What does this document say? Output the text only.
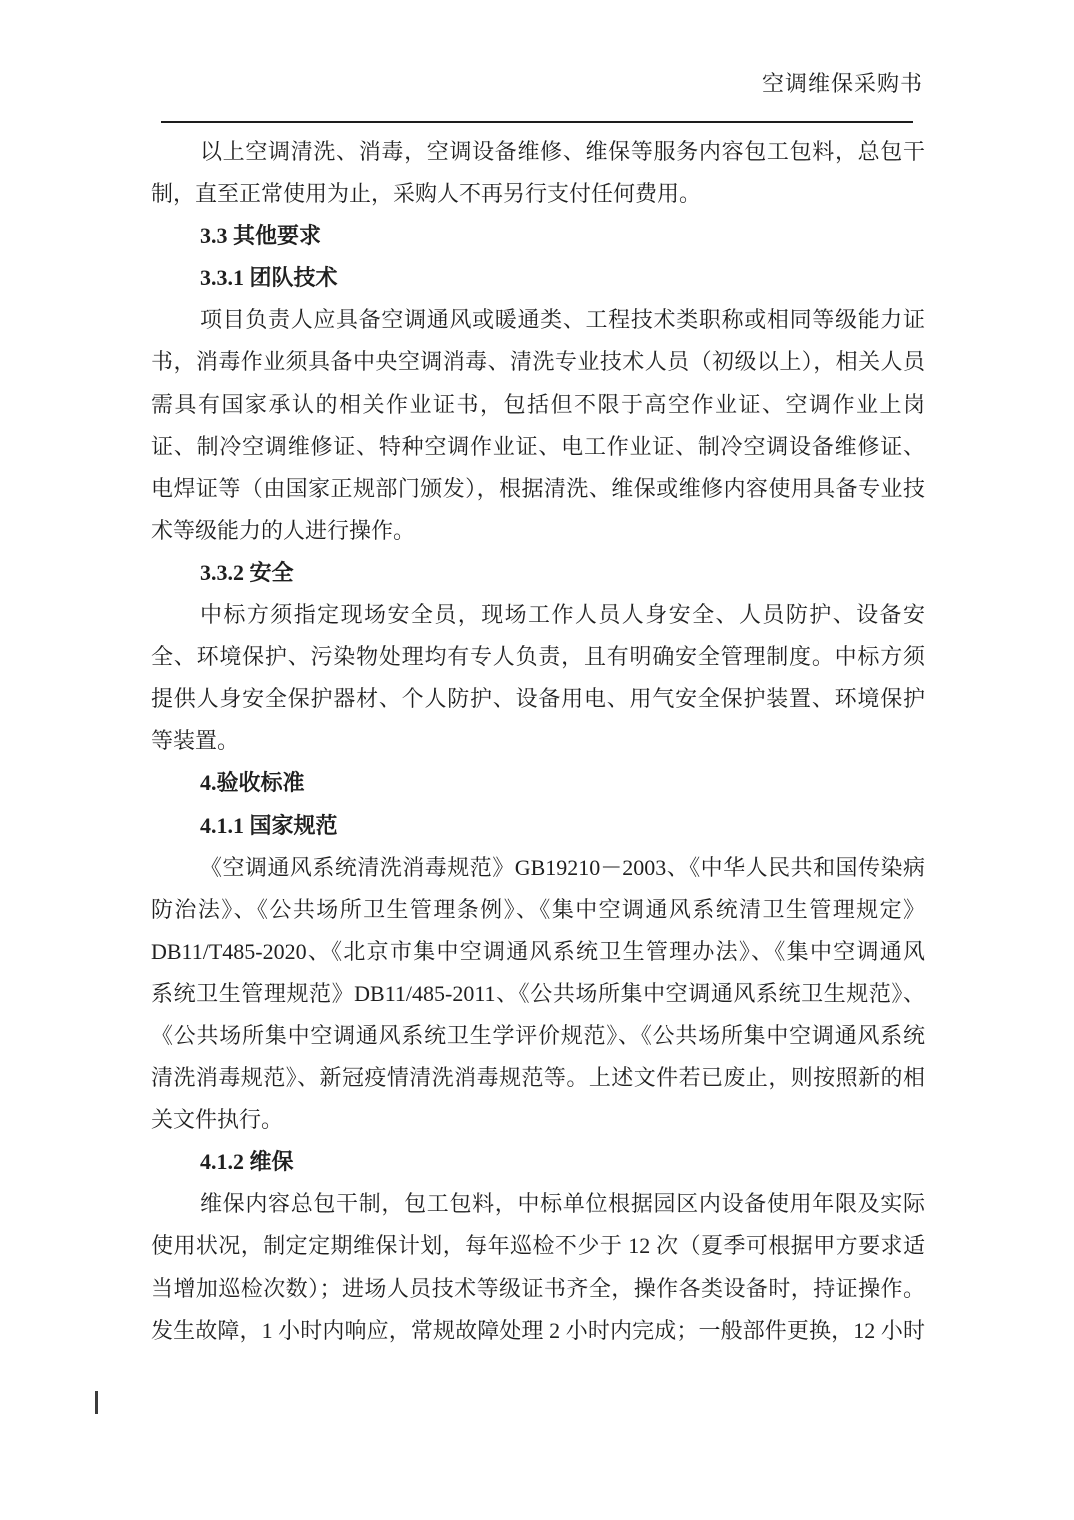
空调维保采购书
以上空调清洗、消毒，空调设备维修、维保等服务内容包工包料，总包干
制，直至正常使用为止，采购人不再另行支付任何费用。
3.3 其他要求
3.3.1 团队技术
项目负责人应具备空调通风或暖通类、工程技术类职称或相同等级能力证
书，消毒作业须具备中央空调消毒、清洗专业技术人员（初级以上），相关人员
需具有国家承认的相关作业证书，包括但不限于高空作业证、空调作业上岗
证、制冷空调维修证、特种空调作业证、电工作业证、制冷空调设备维修证、
电焊证等（由国家正规部门颁发），根据清洗、维保或维修内容使用具备专业技
术等级能力的人进行操作。
3.3.2 安全
中标方须指定现场安全员，现场工作人员人身安全、人员防护、设备安
全、环境保护、污染物处理均有专人负责，且有明确安全管理制度。中标方须
提供人身安全保护器材、个人防护、设备用电、用气安全保护装置、环境保护
等装置。
4.验收标准
4.1.1 国家规范
《空调通风系统清洗消毒规范》GB19210－2003、《中华人民共和国传染病
防治法》、《公共场所卫生管理条例》、《集中空调通风系统清卫生管理规定》
DB11/T485-2020、《北京市集中空调通风系统卫生管理办法》、《集中空调通风
系统卫生管理规范》DB11/485-2011、《公共场所集中空调通风系统卫生规范》、
《公共场所集中空调通风系统卫生学评价规范》、《公共场所集中空调通风系统
清洗消毒规范》、新冠疫情清洗消毒规范等。上述文件若已废止，则按照新的相
关文件执行。
4.1.2 维保
维保内容总包干制，包工包料，中标单位根据园区内设备使用年限及实际
使用状况，制定定期维保计划，每年巡检不少于 12 次（夏季可根据甲方要求适
当增加巡检次数）；进场人员技术等级证书齐全，操作各类设备时，持证操作。
发生故障，1 小时内响应，常规故障处理 2 小时内完成；一般部件更换，12 小时
